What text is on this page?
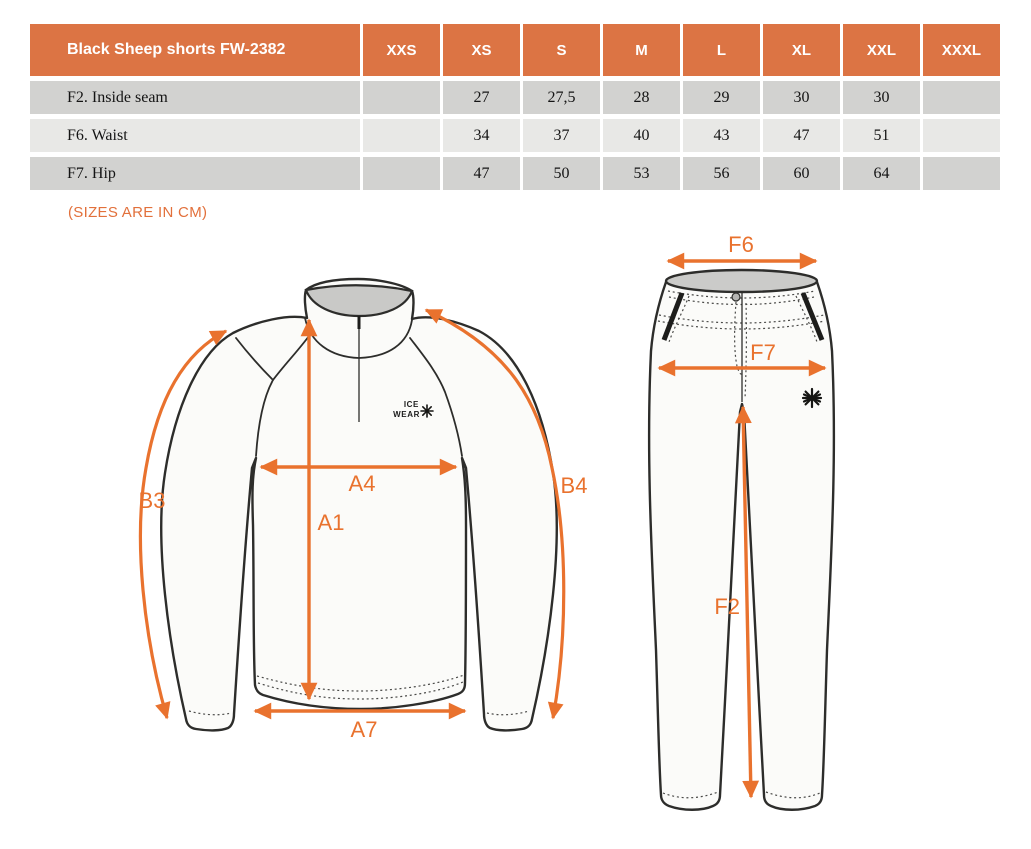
Black Sheep shorts FW-2382	XXS	XS	S	M	L	XL	XXL	XXXL
F2. Inside seam		27	27,5	28	29	30	30	
F6. Waist		34	37	40	43	47	51	
F7. Hip		47	50	53	56	60	64	
(SIZES ARE IN CM)
ICE
WEAR
B3
A4
A1
B4
A7
F6
F7
F2
